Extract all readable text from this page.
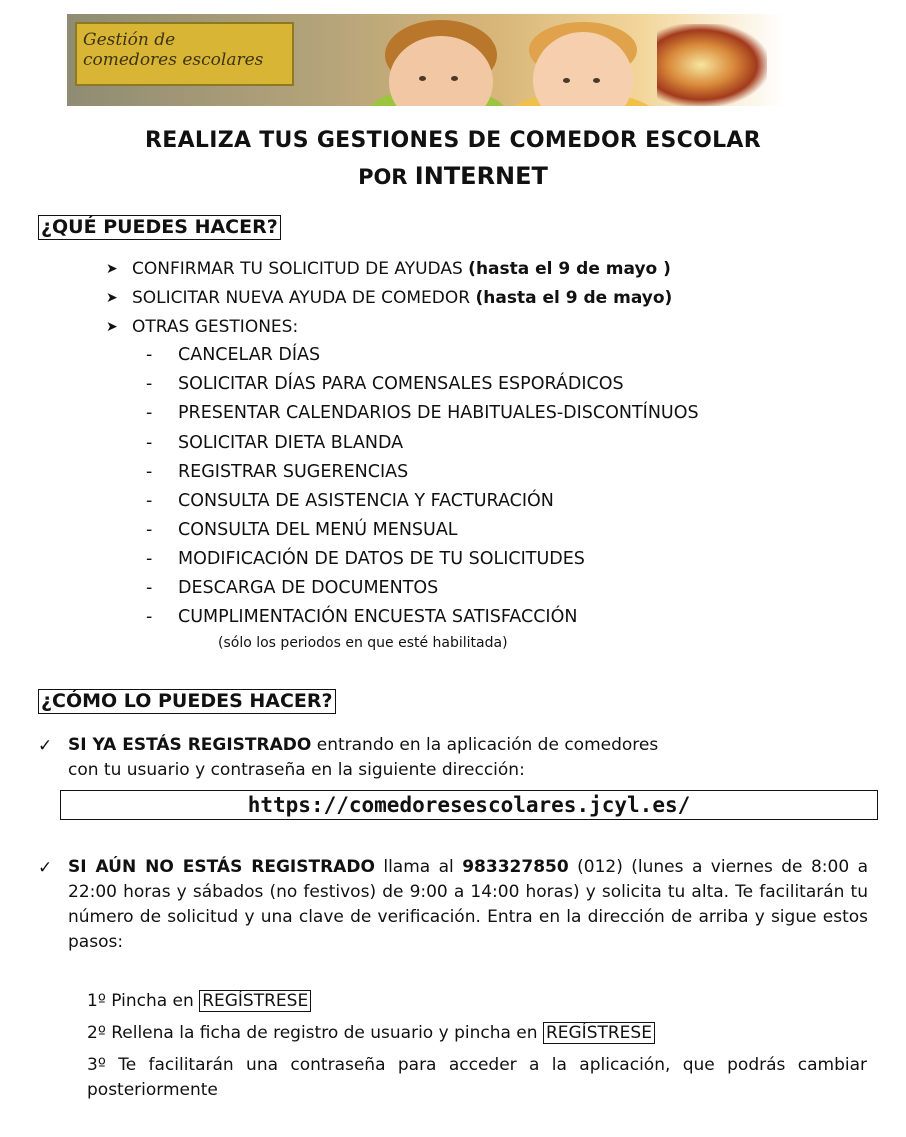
Gestión de
comedores escolares
REALIZA TUS GESTIONES DE COMEDOR ESCOLAR
POR INTERNET
¿QUÉ PUEDES HACER?
➤ CONFIRMAR TU SOLICITUD DE AYUDAS (hasta el 9 de mayo )
➤ SOLICITAR NUEVA AYUDA DE COMEDOR (hasta el 9 de mayo)
➤ OTRAS GESTIONES:
- CANCELAR DÍAS
- SOLICITAR DÍAS PARA COMENSALES ESPORÁDICOS
- PRESENTAR CALENDARIOS DE HABITUALES-DISCONTÍNUOS
- SOLICITAR DIETA BLANDA
- REGISTRAR SUGERENCIAS
- CONSULTA DE ASISTENCIA Y FACTURACIÓN
- CONSULTA DEL MENÚ MENSUAL
- MODIFICACIÓN DE DATOS DE TU SOLICITUDES
- DESCARGA DE DOCUMENTOS
- CUMPLIMENTACIÓN ENCUESTA SATISFACCIÓN
(sólo los periodos en que esté habilitada)
¿CÓMO LO PUEDES HACER?
✓ SI YA ESTÁS REGISTRADO entrando en la aplicación de comedores
con tu usuario y contraseña en la siguiente dirección:
https://comedoresescolares.jcyl.es/
✓ SI AÚN NO ESTÁS REGISTRADO llama al 983327850 (012) (lunes a viernes de 8:00 a 22:00 horas y sábados (no festivos) de 9:00 a 14:00 horas) y solicita tu alta. Te facilitarán tu número de solicitud y una clave de verificación. Entra en la dirección de arriba y sigue estos pasos:
1º Pincha en REGÍSTRESE
2º Rellena la ficha de registro de usuario y pincha en REGÍSTRESE
3º Te facilitarán una contraseña para acceder a la aplicación, que podrás cambiar posteriormente
